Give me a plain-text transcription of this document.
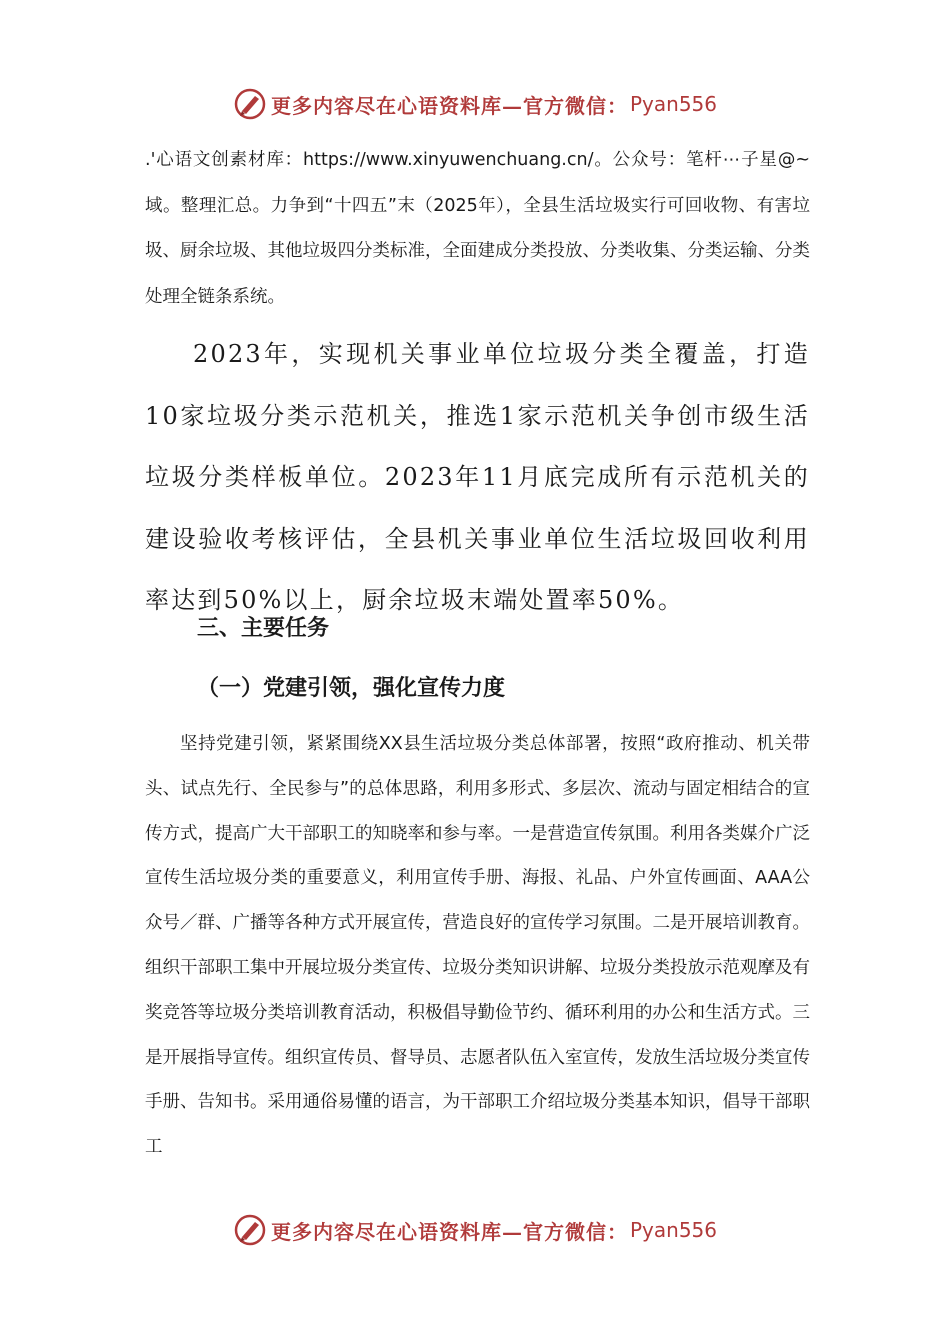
更多内容尽在心语资料库—官方微信： Pyan556

.'心语文创素材库：https://www.xinyuwenchuang.cn/。公众号：笔杆⋯子星@~域。整理汇总。力争到“十四五”末（2025年），全县生活垃圾实行可回收物、有害垃圾、厨余垃圾、其他垃圾四分类标准，全面建成分类投放、分类收集、分类运输、分类处理全链条系统。

2023年，实现机关事业单位垃圾分类全覆盖，打造10家垃圾分类示范机关，推选1家示范机关争创市级生活垃圾分类样板单位。2023年11月底完成所有示范机关的建设验收考核评估，全县机关事业单位生活垃圾回收利用率达到50%以上，厨余垃圾末端处置率50%。

三、主要任务
（一）党建引领，强化宣传力度

坚持党建引领，紧紧围绕XX县生活垃圾分类总体部署，按照“政府推动、机关带头、试点先行、全民参与”的总体思路，利用多形式、多层次、流动与固定相结合的宣传方式，提高广大干部职工的知晓率和参与率。一是营造宣传氛围。利用各类媒介广泛宣传生活垃圾分类的重要意义，利用宣传手册、海报、礼品、户外宣传画面、AAA公众号／群、广播等各种方式开展宣传，营造良好的宣传学习氛围。二是开展培训教育。组织干部职工集中开展垃圾分类宣传、垃圾分类知识讲解、垃圾分类投放示范观摩及有奖竞答等垃圾分类培训教育活动，积极倡导勤俭节约、循环利用的办公和生活方式。三是开展指导宣传。组织宣传员、督导员、志愿者队伍入室宣传，发放生活垃圾分类宣传手册、告知书。采用通俗易懂的语言，为干部职工介绍垃圾分类基本知识，倡导干部职工

更多内容尽在心语资料库—官方微信： Pyan556
